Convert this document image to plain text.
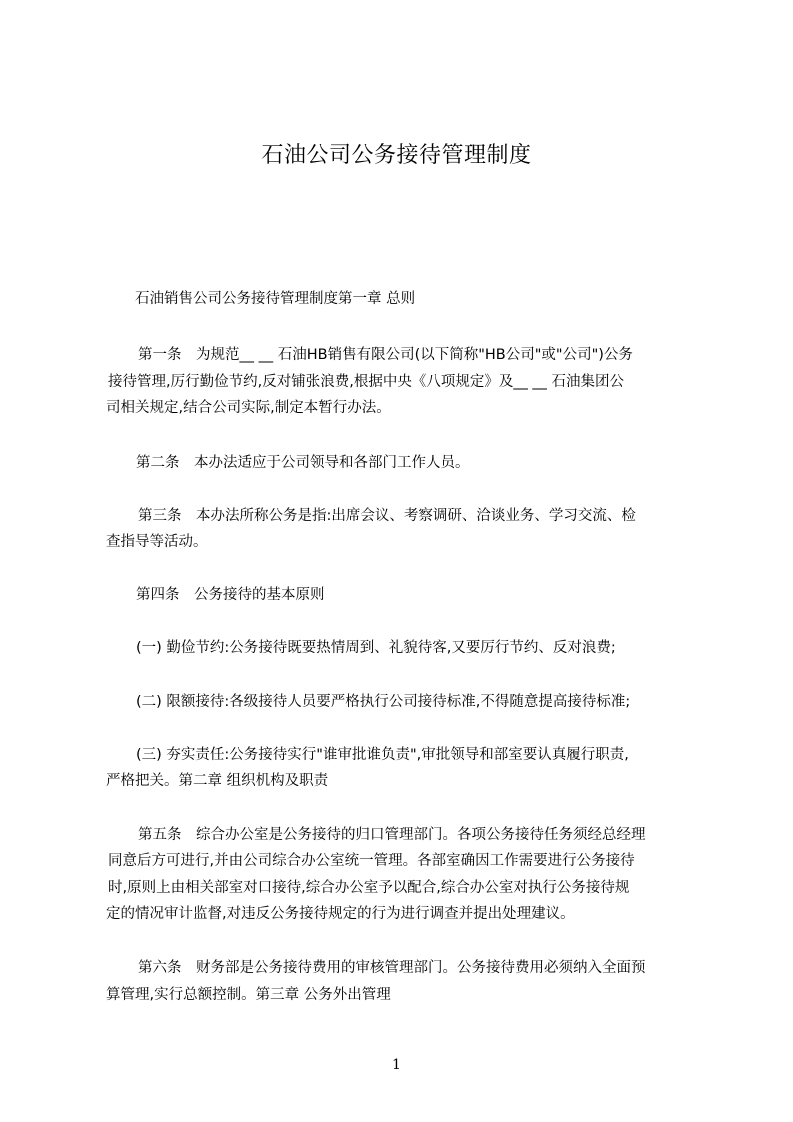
石油公司公务接待管理制度
石油销售公司公务接待管理制度第一章 总则
第一条　为规范__ __ 石油HB销售有限公司(以下简称"HB公司"或"公司")公务
接待管理,厉行勤俭节约,反对铺张浪费,根据中央《八项规定》及__ __ 石油集团公
司相关规定,结合公司实际,制定本暂行办法。
第二条　本办法适应于公司领导和各部门工作人员。
第三条　本办法所称公务是指:出席会议、考察调研、洽谈业务、学习交流、检
查指导等活动。
第四条　公务接待的基本原则
(一) 勤俭节约:公务接待既要热情周到、礼貌待客,又要厉行节约、反对浪费;
(二) 限额接待:各级接待人员要严格执行公司接待标准,不得随意提高接待标准;
(三) 夯实责任:公务接待实行"谁审批谁负责",审批领导和部室要认真履行职责,
严格把关。第二章 组织机构及职责
第五条　综合办公室是公务接待的归口管理部门。各项公务接待任务须经总经理
同意后方可进行,并由公司综合办公室统一管理。各部室确因工作需要进行公务接待
时,原则上由相关部室对口接待,综合办公室予以配合,综合办公室对执行公务接待规
定的情况审计监督,对违反公务接待规定的行为进行调查并提出处理建议。
第六条　财务部是公务接待费用的审核管理部门。公务接待费用必须纳入全面预
算管理,实行总额控制。第三章 公务外出管理
1
